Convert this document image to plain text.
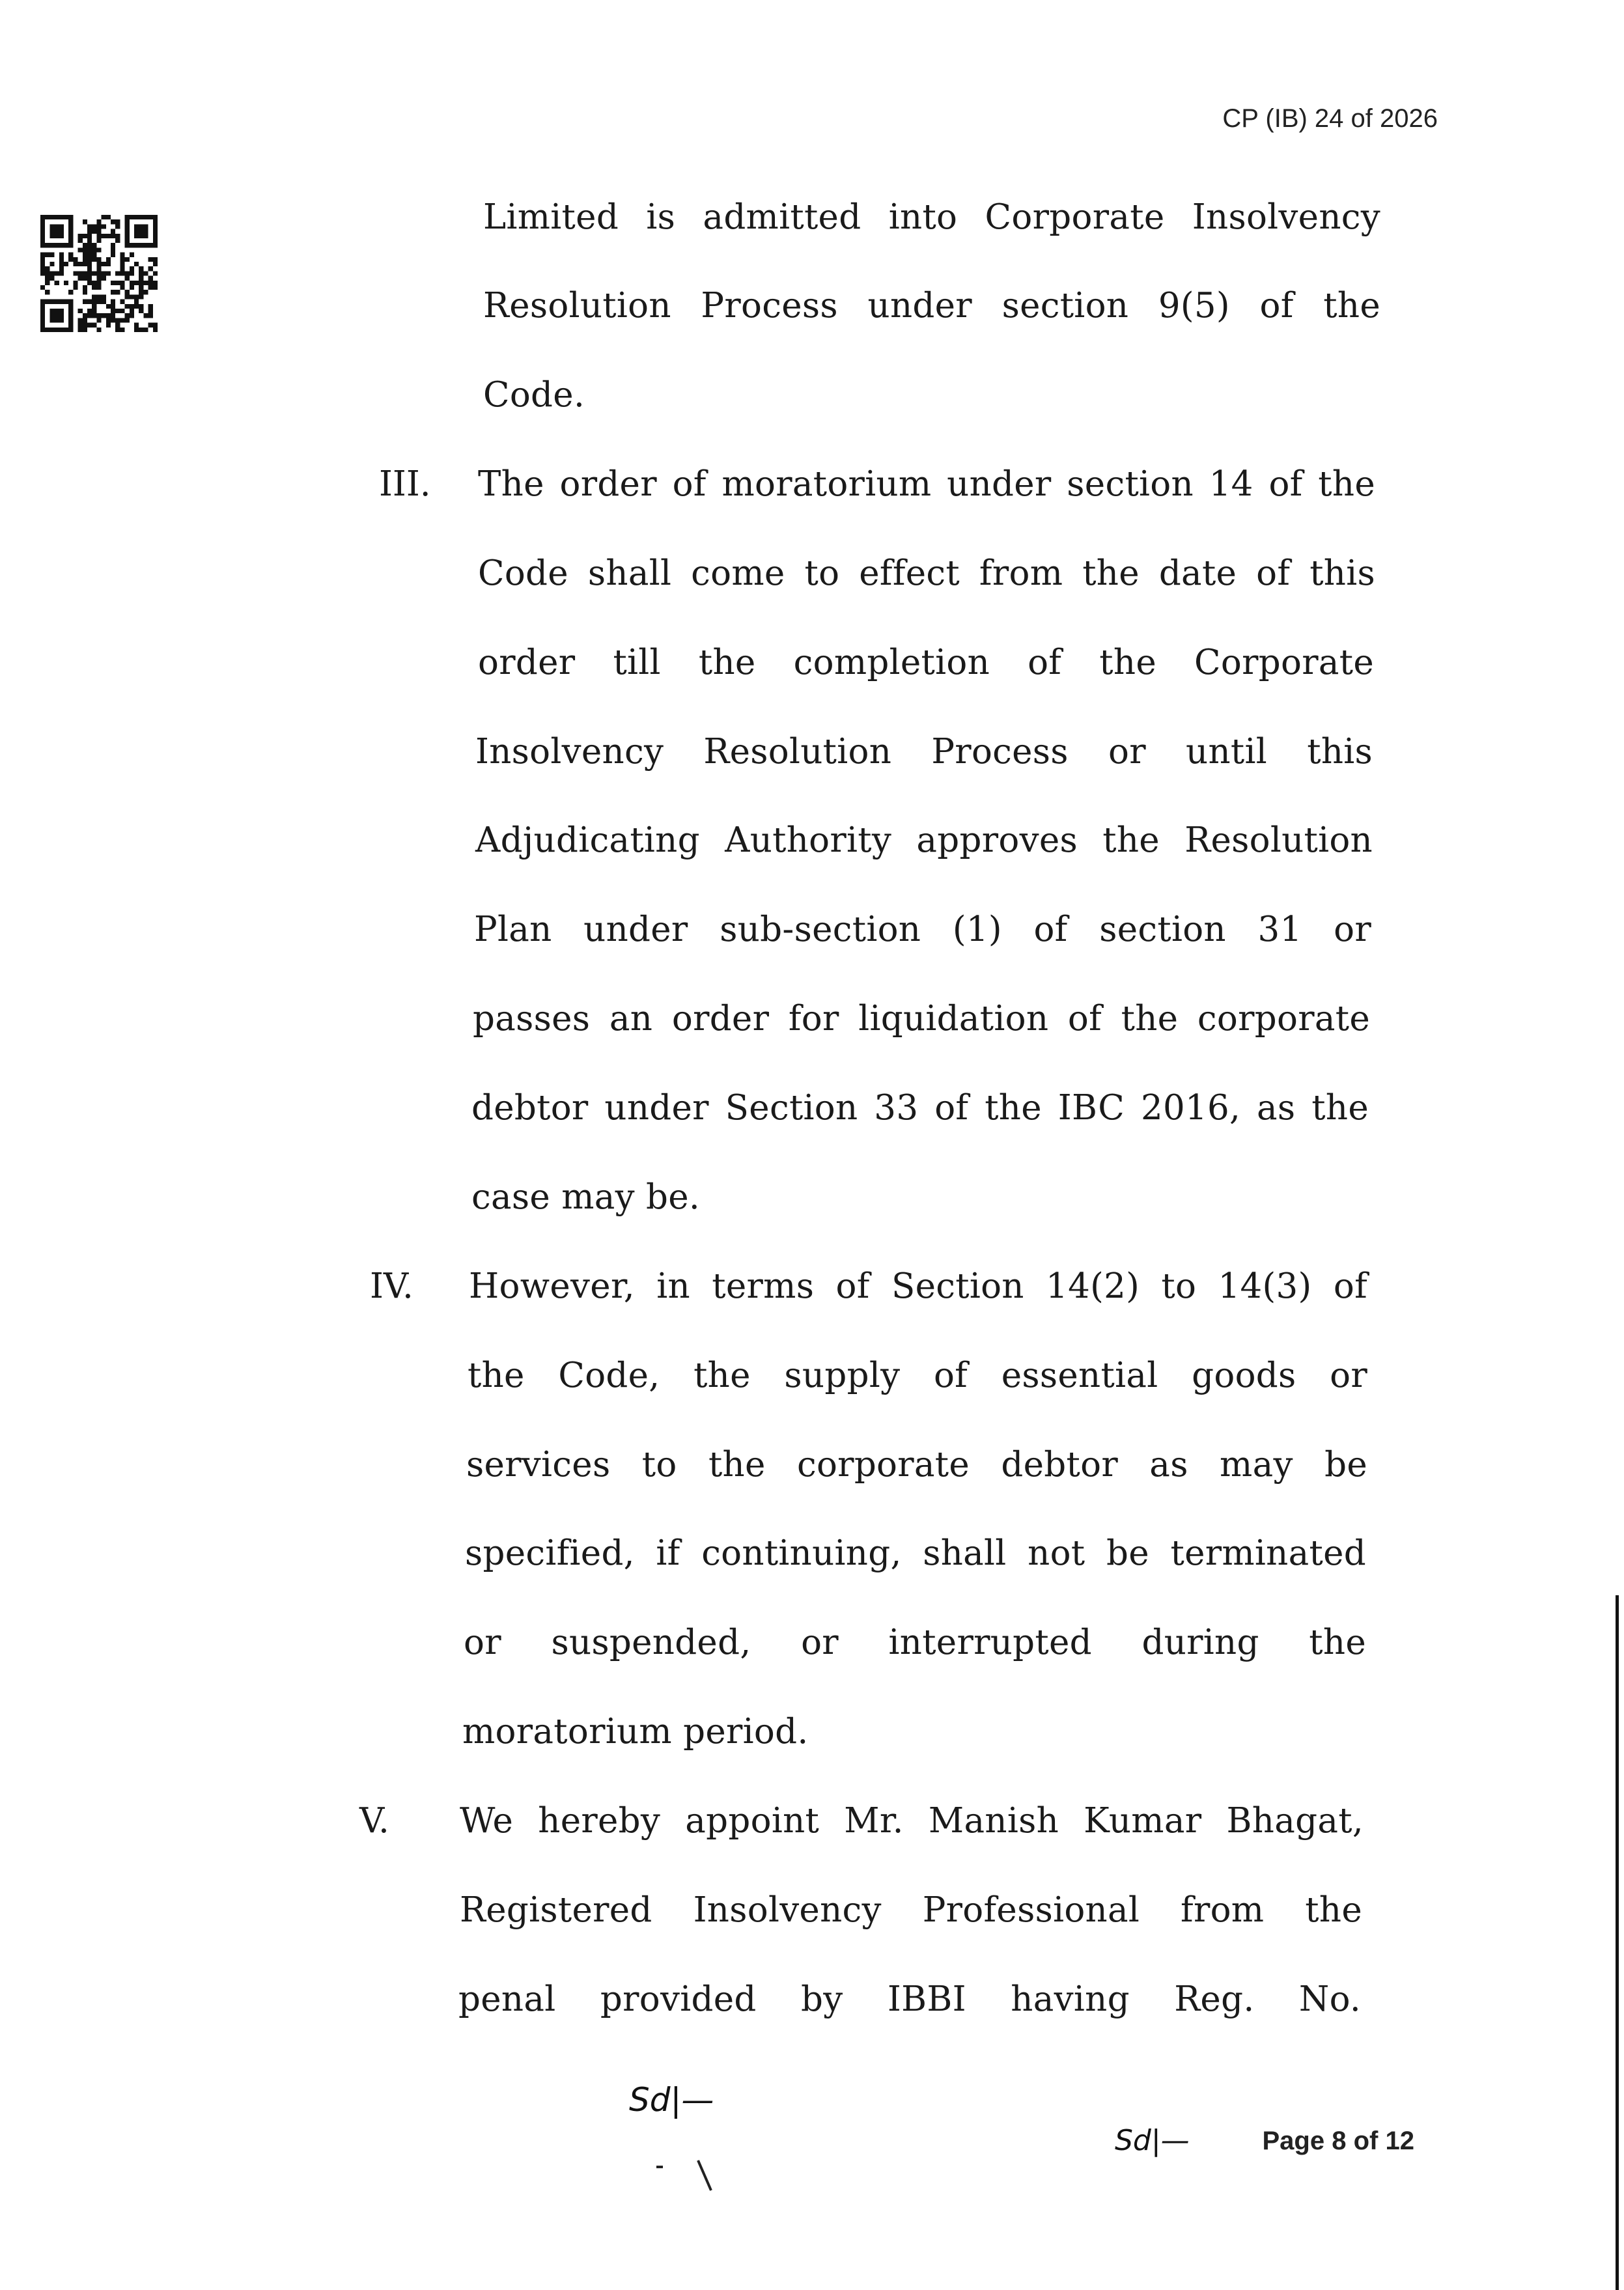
CP (IB) 24 of 2026
Limited is admitted into Corporate Insolvency
Resolution Process under section 9(5) of the
Code.
III. The order of moratorium under section 14 of the
Code shall come to effect from the date of this
order till the completion of the Corporate
Insolvency Resolution Process or until this
Adjudicating Authority approves the Resolution
Plan under sub-section (1) of section 31 or
passes an order for liquidation of the corporate
debtor under Section 33 of the IBC 2016, as the
case may be.
IV. However, in terms of Section 14(2) to 14(3) of
the Code, the supply of essential goods or
services to the corporate debtor as may be
specified, if continuing, shall not be terminated
or suspended, or interrupted during the
moratorium period.
V. We hereby appoint Mr. Manish Kumar Bhagat,
Registered Insolvency Professional from the
penal provided by IBBI having Reg. No.
Sd|—
Sd|—	Page 8 of 12
